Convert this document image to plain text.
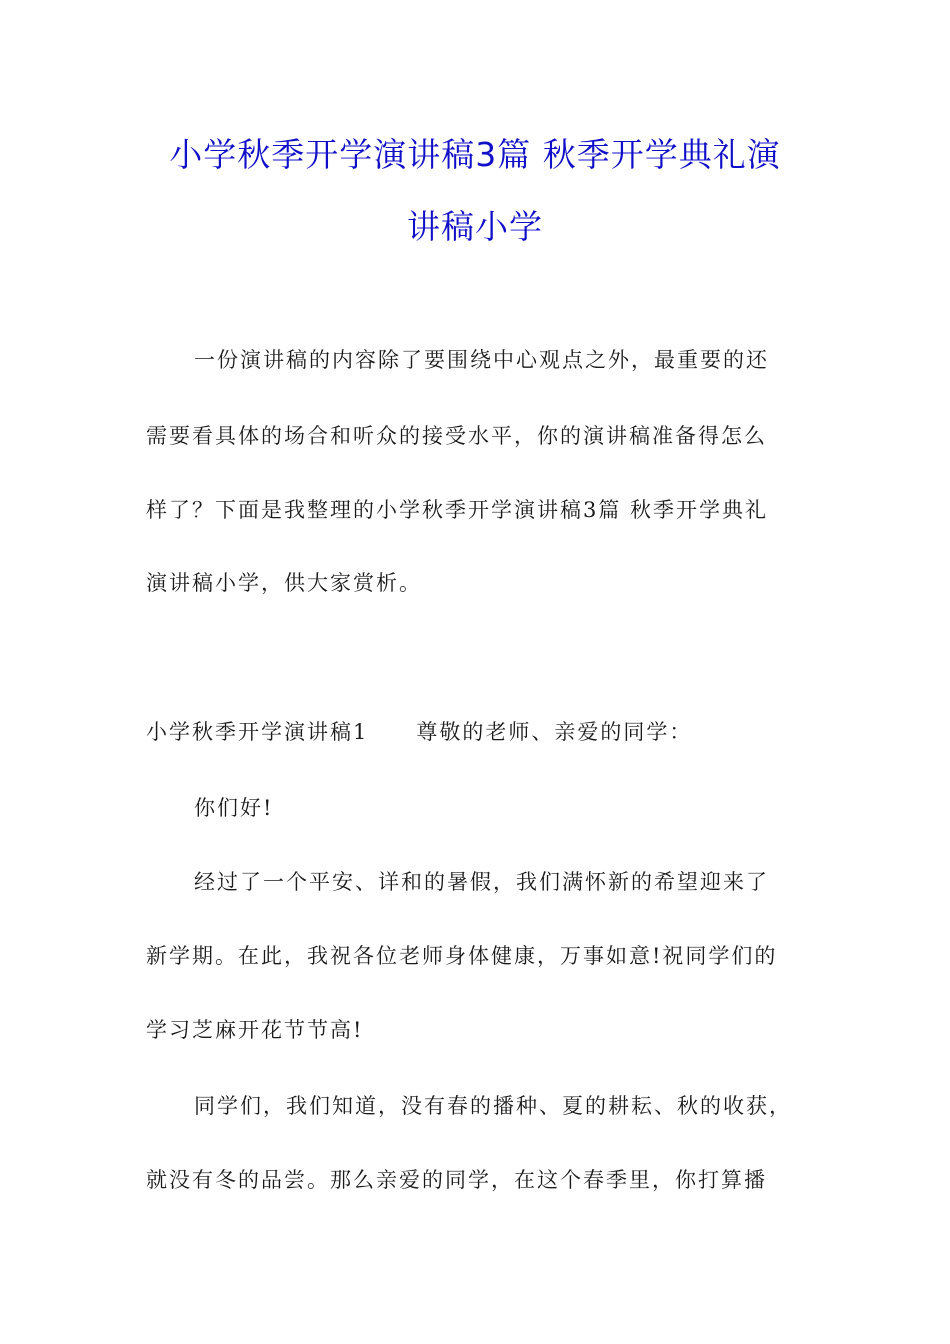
小学秋季开学演讲稿3篇 秋季开学典礼演
讲稿小学
一份演讲稿的内容除了要围绕中心观点之外，最重要的还
需要看具体的场合和听众的接受水平，你的演讲稿准备得怎么
样了？下面是我整理的小学秋季开学演讲稿3篇 秋季开学典礼
演讲稿小学，供大家赏析。
小学秋季开学演讲稿1 尊敬的老师、亲爱的同学：
你们好!
经过了一个平安、详和的暑假，我们满怀新的希望迎来了
新学期。在此，我祝各位老师身体健康，万事如意!祝同学们的
学习芝麻开花节节高!
同学们，我们知道，没有春的播种、夏的耕耘、秋的收获，
就没有冬的品尝。那么亲爱的同学，在这个春季里，你打算播
